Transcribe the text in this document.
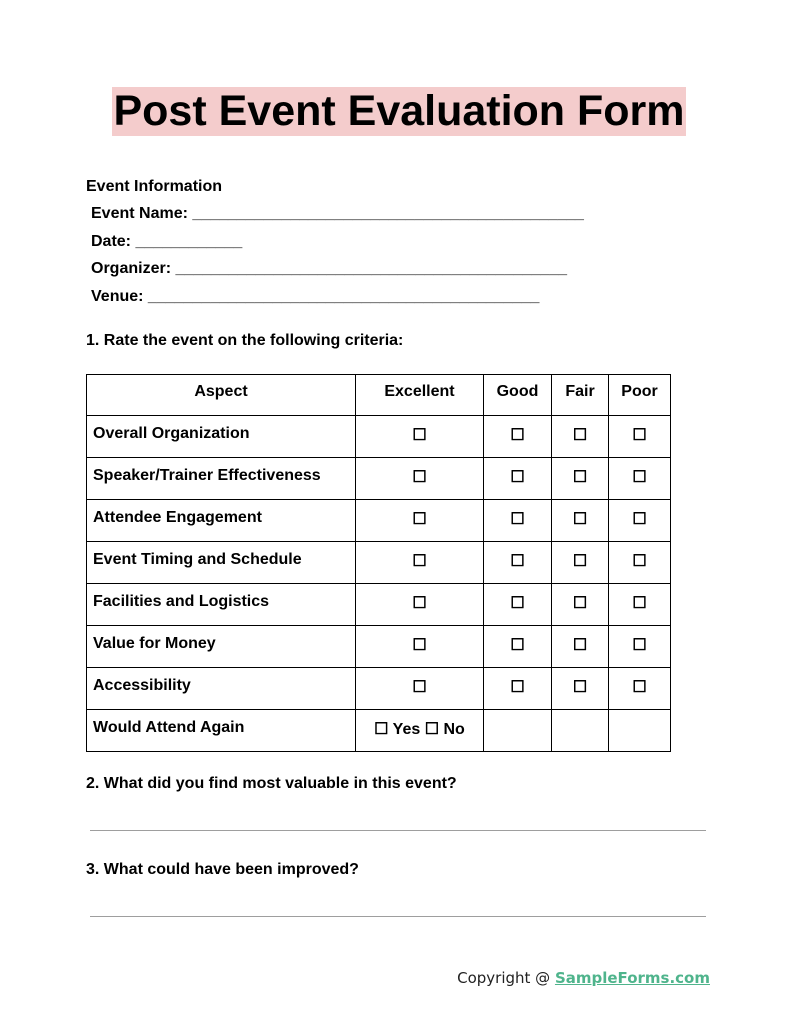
Post Event Evaluation Form
Event Information
Event Name: ____________________________________________
Date: ____________
Organizer: ____________________________________________
Venue: ____________________________________________
1. Rate the event on the following criteria:
Aspect	Excellent	Good	Fair	Poor
Overall Organization	☐	☐	☐	☐
Speaker/Trainer Effectiveness	☐	☐	☐	☐
Attendee Engagement	☐	☐	☐	☐
Event Timing and Schedule	☐	☐	☐	☐
Facilities and Logistics	☐	☐	☐	☐
Value for Money	☐	☐	☐	☐
Accessibility	☐	☐	☐	☐
Would Attend Again	☐ Yes ☐ No			
2. What did you find most valuable in this event?
3. What could have been improved?
Copyright @ SampleForms.com
